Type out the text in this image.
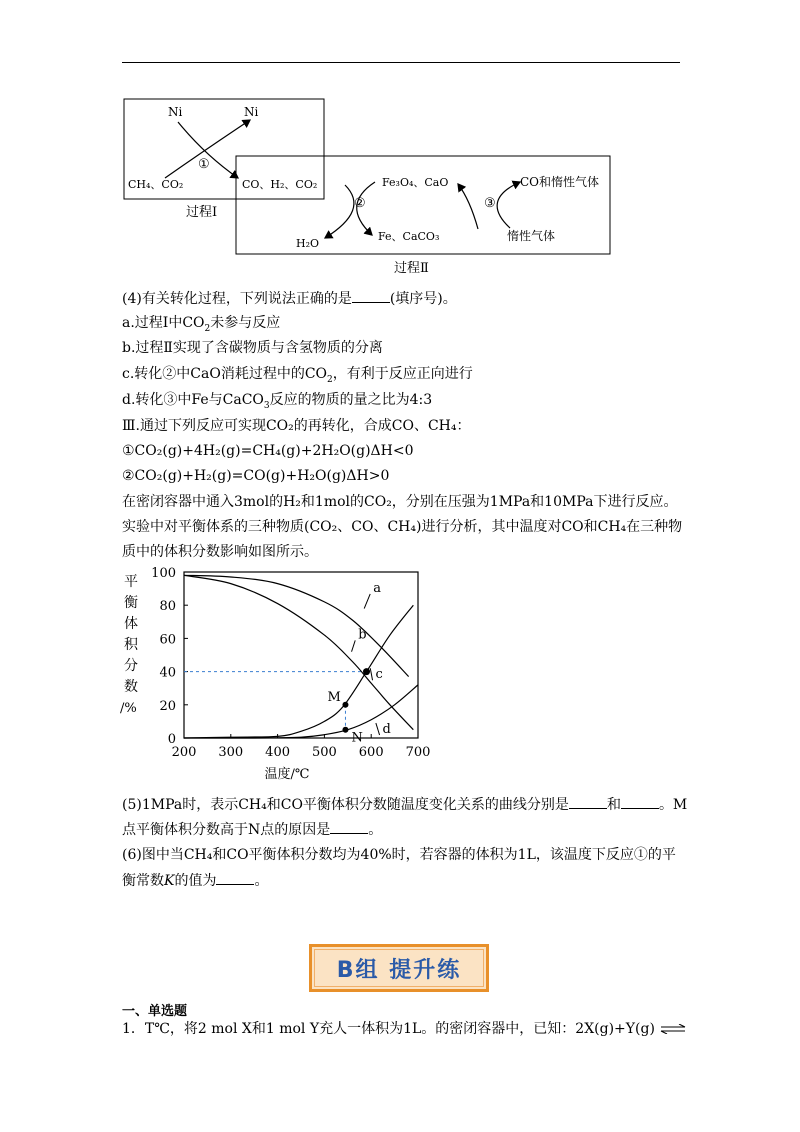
Ni	Ni
①
CH₄、CO₂	CO、H₂、CO₂
②
Fe₃O₄、CaO
Fe、CaCO₃
H₂O
③
CO和惰性气体
惰性气体
过程Ⅰ
过程Ⅱ
(4)有关转化过程，下列说法正确的是	(填序号)。
a.过程Ⅰ中$CO_2$未参与反应
b.过程Ⅱ实现了含碳物质与含氢物质的分离
c.转化②中CaO消耗过程中的$CO_2$，有利于反应正向进行
d.转化③中Fe与CaCO$_3$反应的物质的量之比为4:3
Ⅲ.通过下列反应可实现CO₂的再转化，合成CO、CH₄：
①CO₂(g)+4H₂(g)=CH₄(g)+2H₂O(g)ΔH<0
②CO₂(g)+H₂(g)=CO(g)+H₂O(g)ΔH>0
在密闭容器中通入3mol的H₂和1mol的CO₂，分别在压强为1MPa和10MPa下进行反应。
实验中对平衡体系的三种物质(CO₂、CO、CH₄)进行分析，其中温度对CO和CH₄在三种物
质中的体积分数影响如图所示。
平
衡
体
积
分
数
/%
0
20
40
60
80
100
200 300 400 500 600 700
温度/℃
a
b
c
d
M
N
(5)1MPa时，表示CH₄和CO平衡体积分数随温度变化关系的曲线分别是	和	。M
点平衡体积分数高于N点的原因是	。
(6)图中当CH₄和CO平衡体积分数均为40%时，若容器的体积为1L，该温度下反应①的平
衡常数K的值为	。
B组 提升练
一、单选题
1．T℃，将2 mol X和1 mol Y充人一体积为1L。的密闭容器中，已知：2X(g)+Y(g) ⇌
